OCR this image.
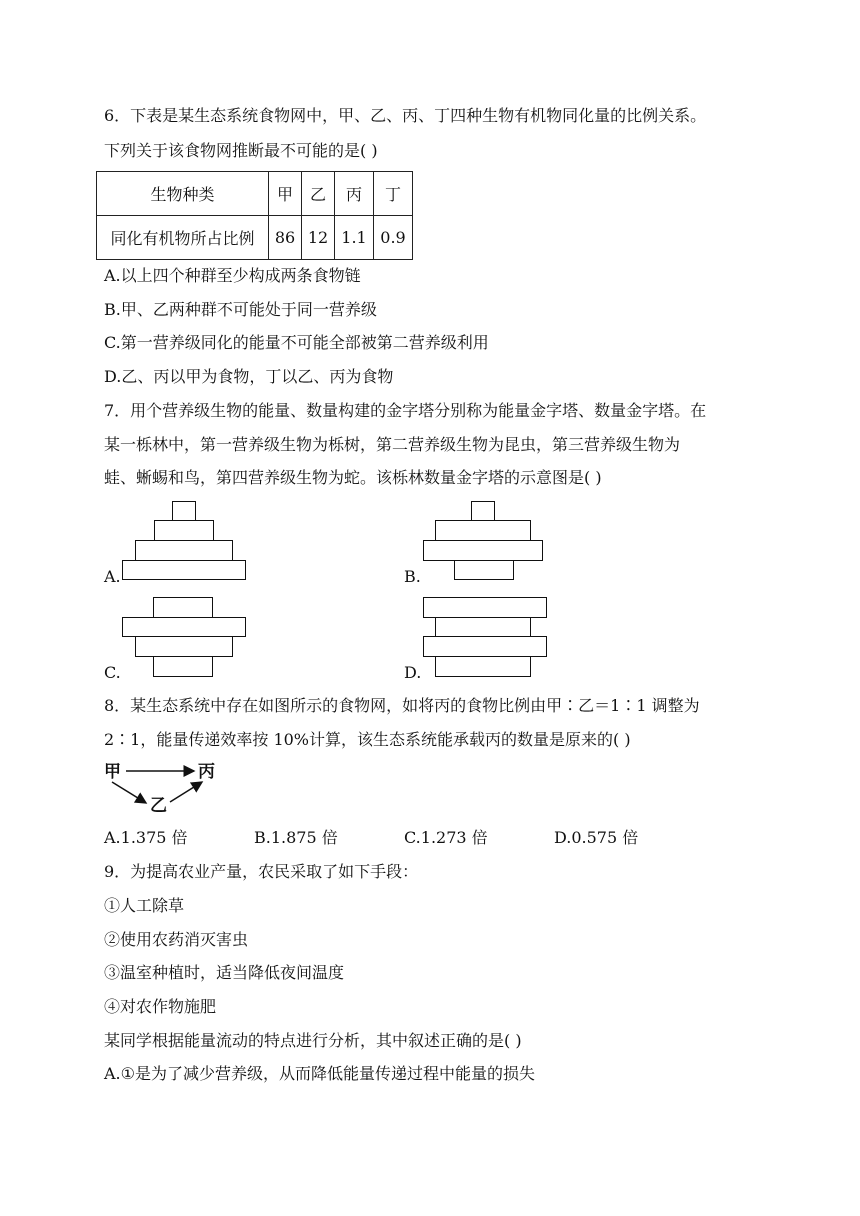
6．下表是某生态系统食物网中，甲、乙、丙、丁四种生物有机物同化量的比例关系。
下列关于该食物网推断最不可能的是( )
生物种类	甲	乙	丙	丁
同化有机物所占比例	86	12	1.1	0.9
A.以上四个种群至少构成两条食物链
B.甲、乙两种群不可能处于同一营养级
C.第一营养级同化的能量不可能全部被第二营养级利用
D.乙、丙以甲为食物，丁以乙、丙为食物
7．用个营养级生物的能量、数量构建的金字塔分别称为能量金字塔、数量金字塔。在
某一栎林中，第一营养级生物为栎树，第二营养级生物为昆虫，第三营养级生物为
蛙、蜥蜴和鸟，第四营养级生物为蛇。该栎林数量金字塔的示意图是( )
A.	B.
C.	D.
8．某生态系统中存在如图所示的食物网，如将丙的食物比例由甲∶乙＝1∶1 调整为
2∶1，能量传递效率按 10%计算，该生态系统能承载丙的数量是原来的( )
甲	丙
乙
A.1.375 倍	B.1.875 倍	C.1.273 倍	D.0.575 倍
9．为提高农业产量，农民采取了如下手段：
①人工除草
②使用农药消灭害虫
③温室种植时，适当降低夜间温度
④对农作物施肥
某同学根据能量流动的特点进行分析，其中叙述正确的是( )
A.①是为了减少营养级，从而降低能量传递过程中能量的损失
